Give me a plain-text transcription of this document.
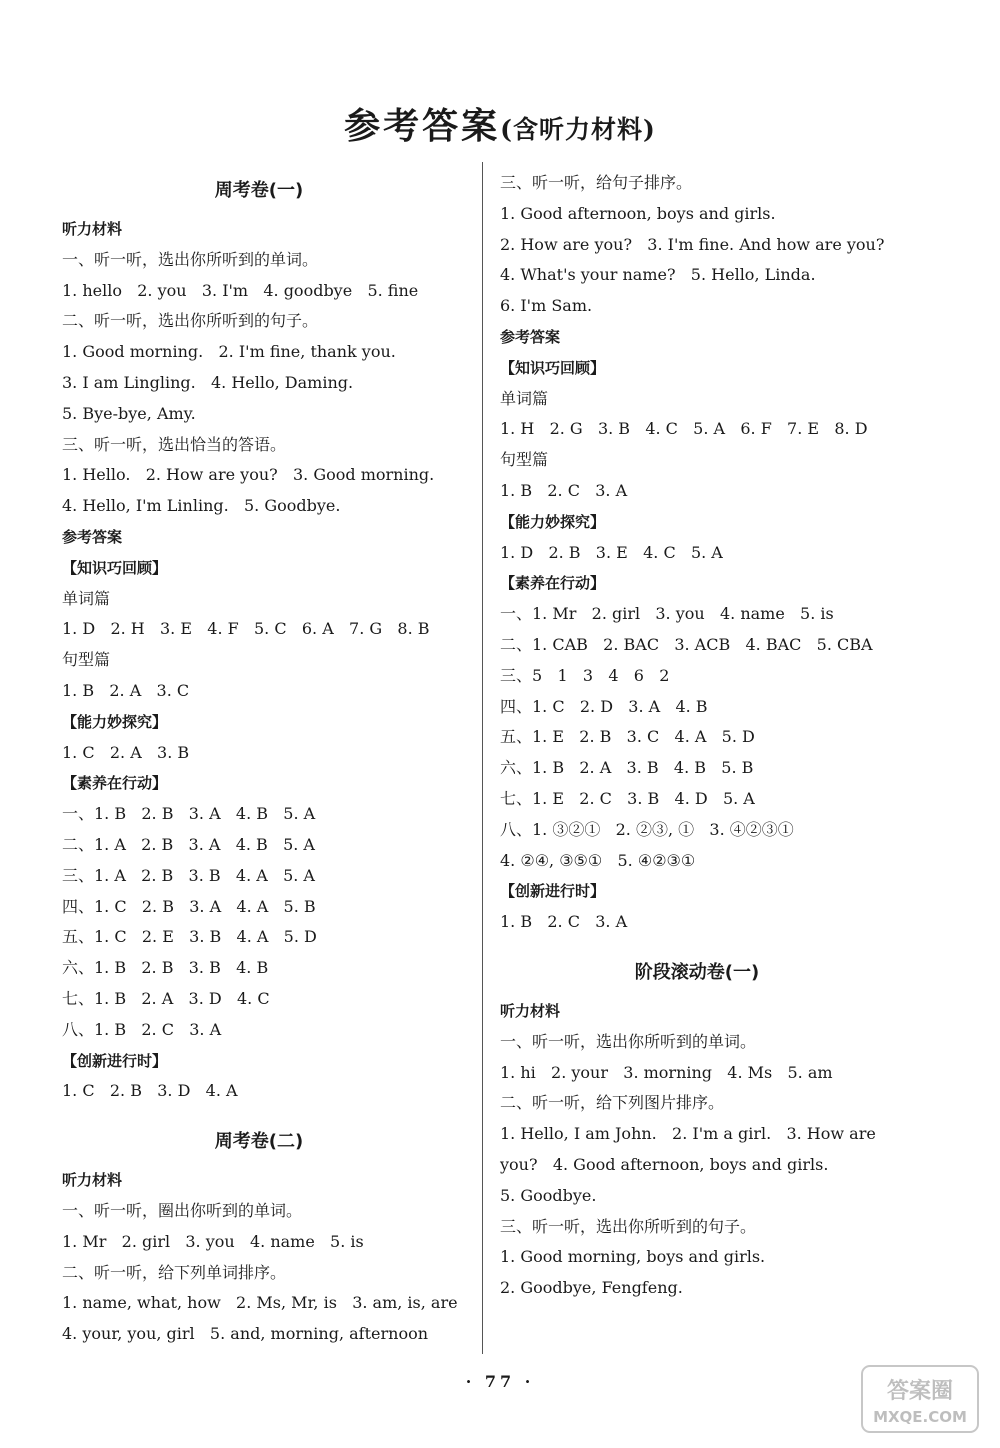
参考答案(含听力材料)
周考卷(一)
听力材料
一、听一听，选出你所听到的单词。
1. hello   2. you   3. I'm   4. goodbye   5. fine
二、听一听，选出你所听到的句子。
1. Good morning.   2. I'm fine, thank you.
3. I am Lingling.   4. Hello, Daming.
5. Bye-bye, Amy.
三、听一听，选出恰当的答语。
1. Hello.   2. How are you?   3. Good morning.
4. Hello, I'm Linling.   5. Goodbye.
参考答案
【知识巧回顾】
单词篇
1. D   2. H   3. E   4. F   5. C   6. A   7. G   8. B
句型篇
1. B   2. A   3. C
【能力妙探究】
1. C   2. A   3. B
【素养在行动】
一、1. B   2. B   3. A   4. B   5. A
二、1. A   2. B   3. A   4. B   5. A
三、1. A   2. B   3. B   4. A   5. A
四、1. C   2. B   3. A   4. A   5. B
五、1. C   2. E   3. B   4. A   5. D
六、1. B   2. B   3. B   4. B
七、1. B   2. A   3. D   4. C
八、1. B   2. C   3. A
【创新进行时】
1. C   2. B   3. D   4. A
周考卷(二)
听力材料
一、听一听，圈出你听到的单词。
1. Mr   2. girl   3. you   4. name   5. is
二、听一听，给下列单词排序。
1. name, what, how   2. Ms, Mr, is   3. am, is, are
4. your, you, girl   5. and, morning, afternoon
三、听一听，给句子排序。
1. Good afternoon, boys and girls.
2. How are you?   3. I'm fine. And how are you?
4. What's your name?   5. Hello, Linda.
6. I'm Sam.
参考答案
【知识巧回顾】
单词篇
1. H   2. G   3. B   4. C   5. A   6. F   7. E   8. D
句型篇
1. B   2. C   3. A
【能力妙探究】
1. D   2. B   3. E   4. C   5. A
【素养在行动】
一、1. Mr   2. girl   3. you   4. name   5. is
二、1. CAB   2. BAC   3. ACB   4. BAC   5. CBA
三、5   1   3   4   6   2
四、1. C   2. D   3. A   4. B
五、1. E   2. B   3. C   4. A   5. D
六、1. B   2. A   3. B   4. B   5. B
七、1. E   2. C   3. B   4. D   5. A
八、1. ③②①   2. ②③, ①   3. ④②③①
4. ②④, ③⑤①   5. ④②③①
【创新进行时】
1. B   2. C   3. A
阶段滚动卷(一)
听力材料
一、听一听，选出你所听到的单词。
1. hi   2. your   3. morning   4. Ms   5. am
二、听一听，给下列图片排序。
1. Hello, I am John.   2. I'm a girl.   3. How are
you?   4. Good afternoon, boys and girls.
5. Goodbye.
三、听一听，选出你所听到的句子。
1. Good morning, boys and girls.
2. Goodbye, Fengfeng.
· 77 ·	答案圈
MXQE.COM
